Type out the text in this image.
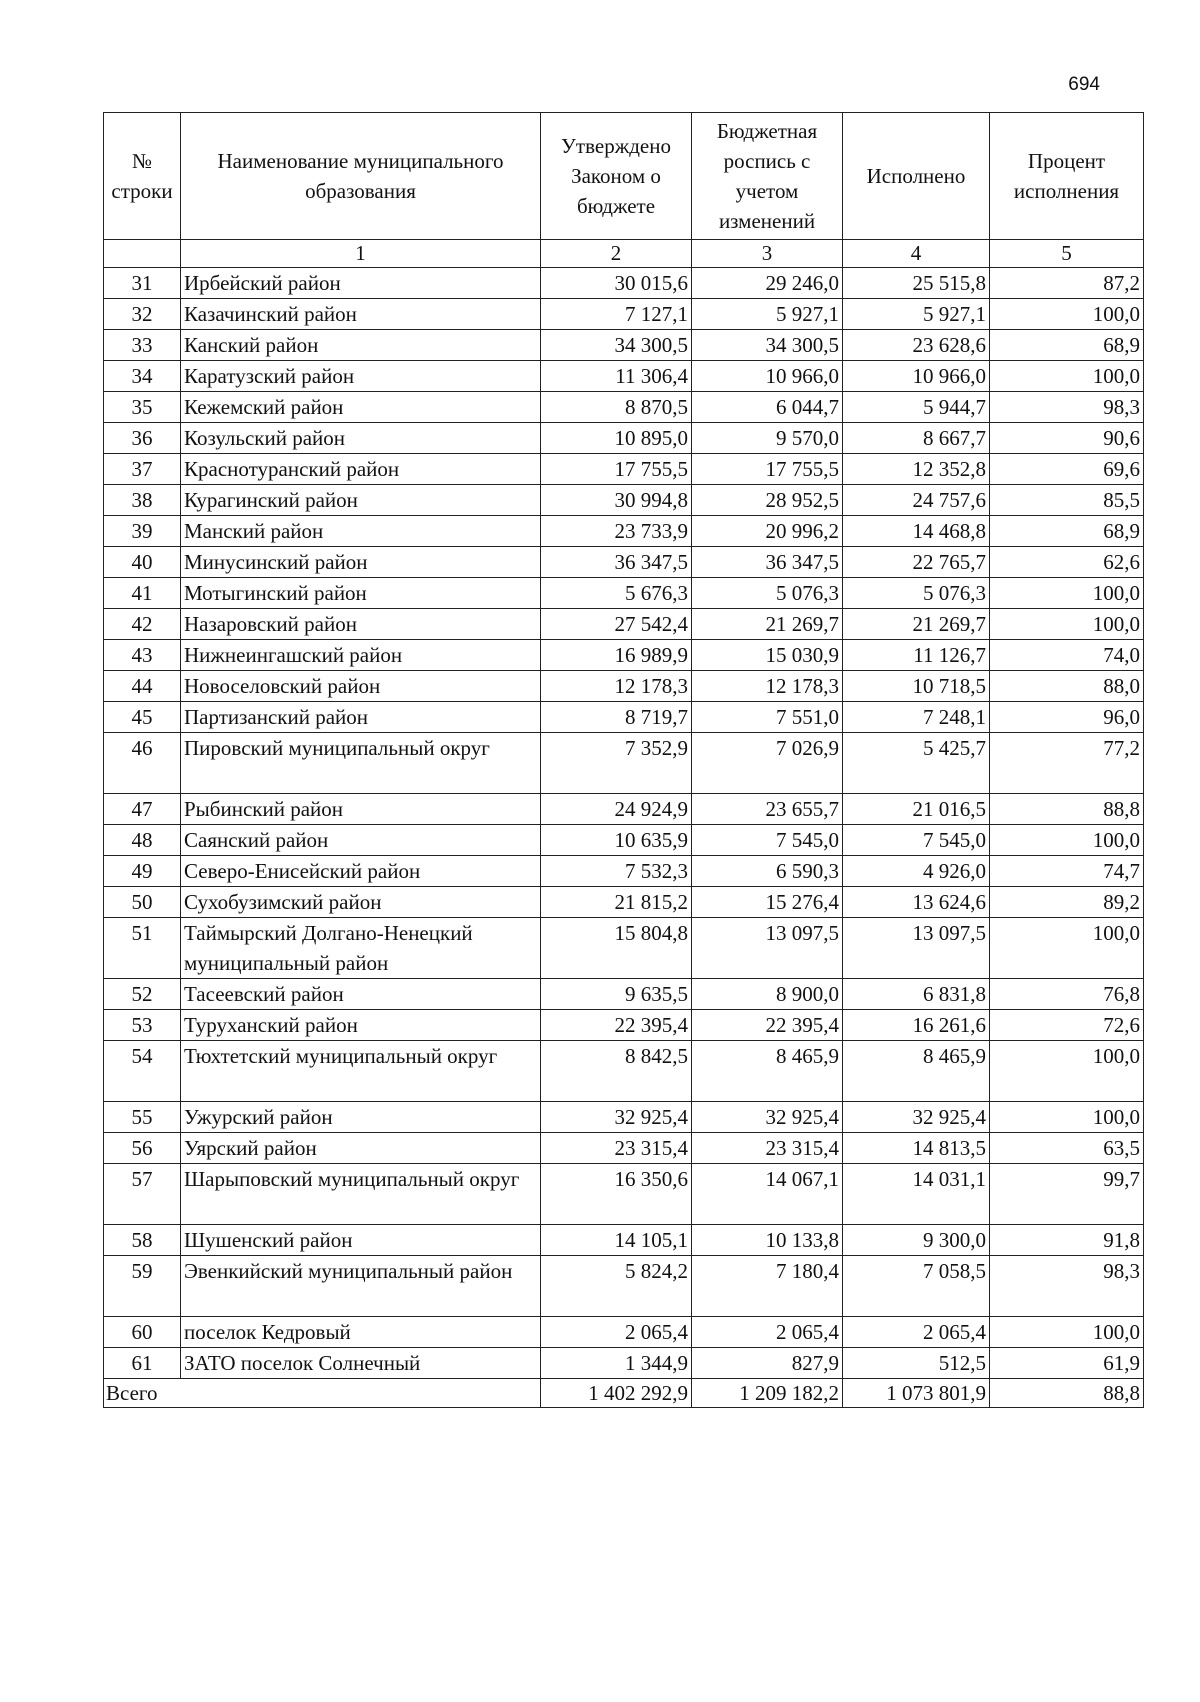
694
№ строки	Наименование муниципального образования	Утверждено Законом о бюджете	Бюджетная роспись с учетом изменений	Исполнено	Процент исполнения
	1	2	3	4	5
31	Ирбейский район	30 015,6	29 246,0	25 515,8	87,2
32	Казачинский район	7 127,1	5 927,1	5 927,1	100,0
33	Канский район	34 300,5	34 300,5	23 628,6	68,9
34	Каратузский район	11 306,4	10 966,0	10 966,0	100,0
35	Кежемский район	8 870,5	6 044,7	5 944,7	98,3
36	Козульский район	10 895,0	9 570,0	8 667,7	90,6
37	Краснотуранский район	17 755,5	17 755,5	12 352,8	69,6
38	Курагинский район	30 994,8	28 952,5	24 757,6	85,5
39	Манский район	23 733,9	20 996,2	14 468,8	68,9
40	Минусинский район	36 347,5	36 347,5	22 765,7	62,6
41	Мотыгинский район	5 676,3	5 076,3	5 076,3	100,0
42	Назаровский район	27 542,4	21 269,7	21 269,7	100,0
43	Нижнеингашский район	16 989,9	15 030,9	11 126,7	74,0
44	Новоселовский район	12 178,3	12 178,3	10 718,5	88,0
45	Партизанский район	8 719,7	7 551,0	7 248,1	96,0
46	Пировский муниципальный округ	7 352,9	7 026,9	5 425,7	77,2
47	Рыбинский район	24 924,9	23 655,7	21 016,5	88,8
48	Саянский район	10 635,9	7 545,0	7 545,0	100,0
49	Северо-Енисейский район	7 532,3	6 590,3	4 926,0	74,7
50	Сухобузимский район	21 815,2	15 276,4	13 624,6	89,2
51	Таймырский Долгано-Ненецкий муниципальный район	15 804,8	13 097,5	13 097,5	100,0
52	Тасеевский район	9 635,5	8 900,0	6 831,8	76,8
53	Туруханский район	22 395,4	22 395,4	16 261,6	72,6
54	Тюхтетский муниципальный округ	8 842,5	8 465,9	8 465,9	100,0
55	Ужурский район	32 925,4	32 925,4	32 925,4	100,0
56	Уярский район	23 315,4	23 315,4	14 813,5	63,5
57	Шарыповский муниципальный округ	16 350,6	14 067,1	14 031,1	99,7
58	Шушенский район	14 105,1	10 133,8	9 300,0	91,8
59	Эвенкийский муниципальный район	5 824,2	7 180,4	7 058,5	98,3
60	поселок Кедровый	2 065,4	2 065,4	2 065,4	100,0
61	ЗАТО поселок Солнечный	1 344,9	827,9	512,5	61,9
Всего		1 402 292,9	1 209 182,2	1 073 801,9	88,8
